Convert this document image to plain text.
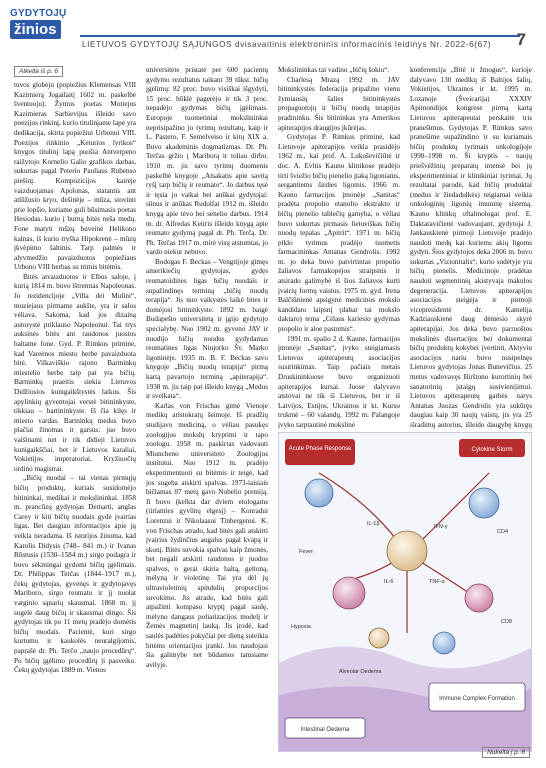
GYDYTOJŲ
žinios
LIETUVOS GYDYTOJŲ SĄJUNGOS dvisavaitinis elektroninis informacinis leidinys Nr. 2022-6(67) 7
Atkelta iš p. 6

tuvos globėju (popiežius Klemensas VIII Kazimierą Jogailaitį 1602 m. paskelbė šventuoju). Žymus poetas Motiejus Kazimieras Sarbievijus išleido savo poezijos rinkinį, kurio titulinįame lape yra dedikacija, skirta popiežiui Urbonui VIII. Poezijos rinkinio „Keturios lyrikos“ knygos titulinį lapą puošia Antverpeno raižytojo Kornelio Galio grafikos darbas, sukurtas pagal Peterio Pauliaus Rubenso piešinį. Kompozicijos kairėje vaizduojamas Apolonas, statantis ant atlūžusio kryo, dešinėje – mūza, stovinti prie lopšio, kuriame guli būsimasis poetas Hesiodas, kurio į burną bitės neša medų. Fone matyti mūzų buveinė Helikono kalnas, iš kurio tryška Hipokrenė – mūzų įkvėpimo šaltinis. Tarp palmės ir alyvmedžio pavaizduotos popiežiaus Urbono VIII herbas su trimis bitėmis.

Bitės atvaizduotos ir Elbos saloje, į kurią 1814 m. buvo ištremtas Napoleonas. Jo rezidencijoje „Villa dei Mulini“, muziejaus pirmame aukšte, yra ir salos vėliava. Sakoma, kad jos dizainą autorystė priklauso Napoleonui. Tai trys auksinės bitės ant raudonos juostos baltame fone. Gyd. P. Rimkus primine, kad Vareėnos miesto herbe pavaizduota bitė. Vilkaviškio rajono Bartninkų miestelio herbe taip pat yra bičių. Bartninkų praeitis siekia Lietuvos Didžiosios kunigaikštystės laikus. Šis apylinkių gyventojai verstė bitininkyste, tikkiau – bartininkyste. Iš čia kilęs ir miesto vardas. Bartninkų medus buvo plačiai žinomas ir garsus: juo buvo vaišinami net ir tik didieji Lietuvos kunigaikščiai, bet ir Lietuvos karaliai, Vokietijos imperatoriai, Kryžiuočių ordino magistrai.

„Bičių nuodai – tai vienas pirmųjų bičių produktų, kuriais susidomėjo bitininkai, medikai ir mokslininkai. 1858 m. prancūzų gydytojas Demarti, anglas Carey ir kiti bičių nuodais gydė įvairias ligas. Bet daugiau informacijos apie jų veikla neradama. Iš istorijos žinoma, kad Karolis Didysis (748– 841 m.) ir Ivanas Rūstusis (1530–1584 m.) sirgo podagra ir buvo sėkmingai gydomi bičių įgėlimais. Dr. Philippas Terčas (1844–1917 m.), čekų gydytojas, gyvenęs ir gydytojavęs Mariboro, sirgo reumatu ir jį nuolat varginio sąnarių skausmai. 1868 m. jį sugėlė daug bičių ir skausmai dingo. Šis gydytojas tik po 11 metų pradėjo domėtis bičių nuodais. Pacientė, kuri sirgo kurtumu ir kaukolės neuralgijomis, paprašė dr. Ph. Terčo „naujo procedūrų“. Po bičių įgėlimo procedūrų ji pasveiko. Čekų gydytojas 1889 m. Vienos

universitete pristatė per 600 pacientų gydymo rezultatus taikant 39 tūkst. bičių įgėlimų: 82 proc. buvo visiškai išgydyti, 15 proc. būklė pagerėjo ir tik 3 proc. nepadėjo gydymas bičių įgėlimais. Europoje tuometiniai mokslininkai neprisipažino jo tyrimų rezultatų, kaip ir L. Pastero, F. Semelveiso ir kitų XIX a. Buvo akademinis dogmatizmas. Dr. Ph. Terčas gržio į Mariborą ir toliau dirbo. 1910 m. jis savo tyrimų duomenis paskelbė knygoje „Atsakatis apie savitą ryšį tarp bičių ir reumato“. Jo darbus tęsė ir tęsia jo vaikai bei anūkai gydytojai: sūnus ir anūkas Rudolfai 1912 m. išleido knygą apie tėvo bei senelio darbus. 1914 m. dr. Alfredas Keitris išleido knygą apie reumato gydymą pagal dr. Ph. Terčą. Dr. Ph. Terčas 1917 m. mirė visų atstumtas, jo vardo niekur nebuvo.

Bodogas F. Beckas – Vengrijoje gimęs amerikiečių gydytojas, gydęs reumatoidines ligas bičių nuodais ir supažindinęs terminą „bičių nuodų terapija“. Jis nuo vaikystės laikė bites ir domėjosi bitininkyste. 1892 m. baigė Budapešto universitetą ir įgijo gydytojo specialybę. Nuo 1902 m. gyveno JAV ir nuodijo bičių nuodus gydydamas reumatines ligas Niujorko Šv. Marko ligoninėje. 1935 m. B. F. Beckas savo knygoje „Bičių nuodų terapija“ pirmą kartą pavartojo terminą „apiterapija“. 1938 m. jis taip pat išleido knygą „Medus ir sveikata“.

Karlas von Frischas gimė Vienoje medikų aristokratų šeimoje. Iš pradžių studijavo mediciną, o vėliau pasukęs zoologijos mokslų kryptimi ir tapo zoologu. 1958 m. paskirtas vadovauti Miuncheno universiteto Zoologijos institutui. Nuo 1912 m. pradėjo eksperimentuoti su bitėmis ir teigė, kad jos sugeba atskirti spalvas. 1973-iaisiais bičiamas 87 metų gavo Nobelio premiją. Ji buvo (kelkta dar dviem etologams (tirianties gyvūnų elgesį) – Konradui Lorenzui ir Nikolaasui Tinbergenui. K. von Frischas atrado, kad bitės gali atskirti įvairius žydinčius augalus pagal kvapą ir skonį. Bitės suvokia spalvas kaip žmonės, bet negali atskirti raudonos ir juodos spalvos, o gerai skiria baltą, geltoną, mėlyną ir violetinę. Tai yra dėl jų ultravioletinių spindulių proporcijos suvokimo. Jis atrado, kad bitės gali atpažinti kompaso kryptį pagal saulę, mėlyno dangaus poliarizacijos modelį ir Žemės magnetinį lauką. Jis įrodė, kad saulės padėties pokyčiai per dieną suteikia bitėms orientacijos įranki. Jos naudojasi šia galimybe net būdamos tamsiame avilyje.

Mokslininkas tai vadino „bičių šokiu“.

Charlesą Mrazą 1992 m. JAV bitininkystės federacija pripažino vienu žymiausių šalies bitininkystės propaguotojų ir bičių nuodų terapijos pradininku. Šis bitininkas yra Amerikos apiterapijos draugijos įkūrėjas.

Gydytojas P. Rimkus priminė, kad Lietuvoje apiterapijos veikla prasidėjo 1962 m., kai prof. A. Lukoševičiūtė ir doc. A. Evltis Kauno klinikose pradėjo tirti šviežio bičių pienelio įtaką ligoniams, sergantiems širdies ligomis. 1966 m. Kauno farmacijos įmonėje „Sanitas“ pradėta propolio etanolio ekstrakto ir bičių pienelio tablečių gamyba, o vėliau buvo sukurtas pirmasis lietuviškas bičių nuodų tepalas „Apitrit“. 1971 m. bičių piklo tyrimus pradėjo tuometis farmacininkas Antanas Gendrolis. 1992 m. jo deka buvo patvirtintas propolio žaliavos farmakopėjos straipsnis ir atsirado galimybė iš šios žaliavos kurti įvairių formų vaistus. 1975 m. gyd. Irena Balčiūnienė apsigynė medicinos mokslo kandidato laipsnį (dabar tai mokslo daktaro) tema „Gilaus kariesio gydymas propolio ir aloe pastomis“.

1991 m. spalio 2 d. Kaune, farmacijos įmonėje „Sanitas“, įvyko steigiamasis Lietuvos apiterapeutų asociacijos susirinkimas. Taip pačiais metais Druskininkuose buvo organizuoti apiterapijos kursai. Juose dalyvavo atstovai ne tik iš Lietuvos, bet ir iš Latvijos, Estijos, Ukrainos ir kt. Kurso trukmė – 60 valandų. 1992 m. Palangoje įvyko tarptautinė mokslinė

konferencija „Bitė ir žmogus“, kurioje dalyvavo 130 medikų iš Baltijos šalių, Vokietijos, Ukrainos ir kt. 1995 m. Lozanoje (Šveicarija) XXXIV Apimondijos kongrese pirmą kartą Lietuvos apiterapeutai perskaitė tris pranešimus. Gydytojas P. Rimkus savo pranešime supažindino ir su kuriamais bičių produktų tyrimais onkologijoje 1990–1998 m. Ši kryptis – naujų priešvėžinių preparatų intensė bei jų eksperimentiniai ir klinikiniai tyrimai. Jų rezultatai parodė, kad bičių produktai (medus ir žiedadulkės) teigiamai veikia onkologinių ligonių imuninę sistemą. Kauno klinikų oftalmologai prof. E. Daktaravičienė vadovaujant, gydytoja J. Jankauskienė pirmoji Lietuvoje pradėjo naudoti medų kai kuriems akių ligoms gydyti. Šios gydytojos deka 2006 m. buvo sukurtas „Vizionitalis“, kurio sudėtyje yra bičių pienelis. Medicinoje pradėtas naudoti segmentinių akistyvaja makulos degeneracija. Lietuvos apiterapijos asociacijos steigėja ir pirmoji vicepresidentė dr. Kamelija Kadziauskienė daug dėmesio skyrė apiterapijai. Jos deka buvo parruoštos mokslinės disertacijos bei dokumentai bičių produktų kokybei įvertinti. Aktyviu asociacijos nariu buvo nusipelnęs Lietuvos gydytojas Jonas Bunevičius. 25 metus vadovavęs Birštono kurortinių bei sanatorinių įstaigų susivienijimui. Lietuvos apiterapeutų garbės narys Antanas Juozas Gendrolis yra sukūręs daugiau kaip 30 naujų vaistų, jis yra 25 išradimų autorius, išleido daugybę knygų

Acute Phase Response	Cytokine Storm
Immune Complex Formation
Intestinal Oedema
Fever
Hypoxia
IL-6	TNF-α
IL-1β	IFN-γ
CD4
CD8
Alveolar Oedema
Nukelta į p. 8
